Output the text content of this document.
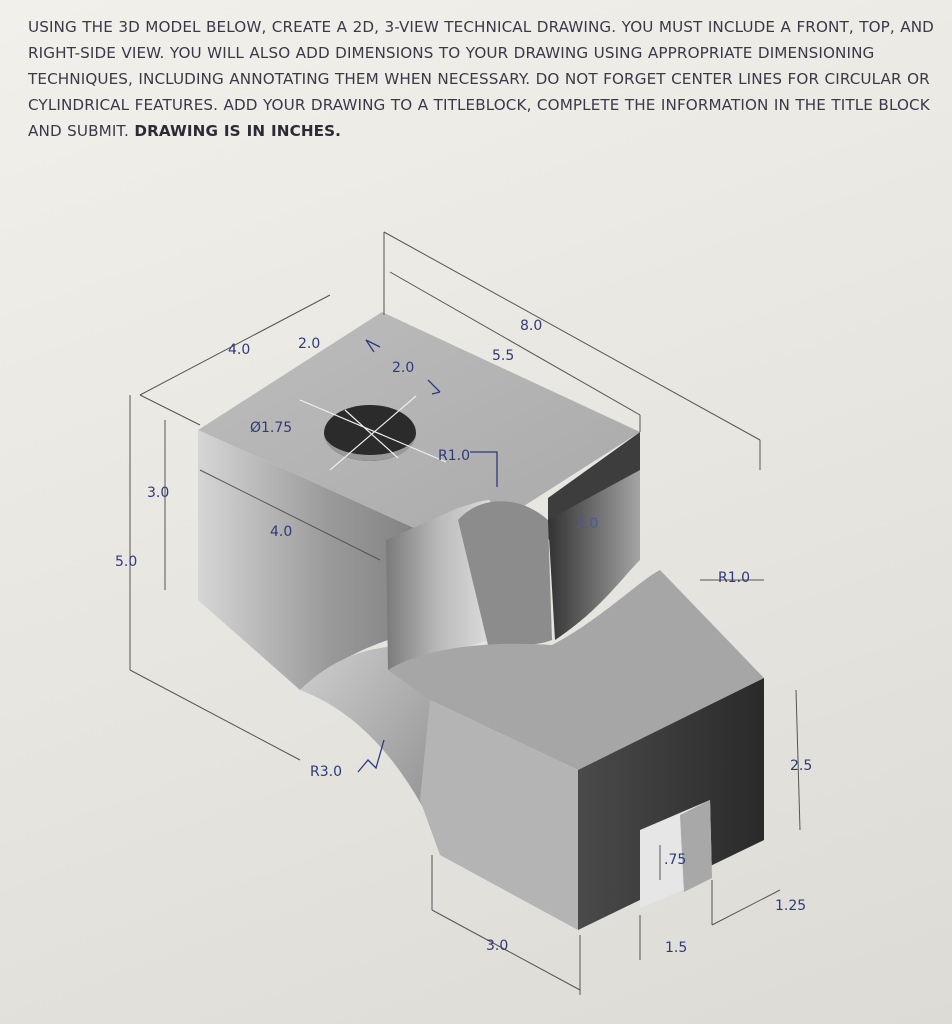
USING THE 3D MODEL BELOW, CREATE A 2D, 3-VIEW TECHNICAL DRAWING. YOU MUST INCLUDE A FRONT, TOP, AND RIGHT-SIDE VIEW. YOU WILL ALSO ADD DIMENSIONS TO YOUR DRAWING USING APPROPRIATE DIMENSIONING TECHNIQUES, INCLUDING ANNOTATING THEM WHEN NECESSARY. DO NOT FORGET CENTER LINES FOR CIRCULAR OR CYLINDRICAL FEATURES. ADD YOUR DRAWING TO A TITLEBLOCK, COMPLETE THE INFORMATION IN THE TITLE BLOCK AND SUBMIT. DRAWING IS IN INCHES.
8.0
5.5
4.0	2.0
2.0
Ø1.75
R1.0
3.0
5.0
4.0	2.0
R1.0
R3.0	2.5
.75
1.25
3.0	1.5
